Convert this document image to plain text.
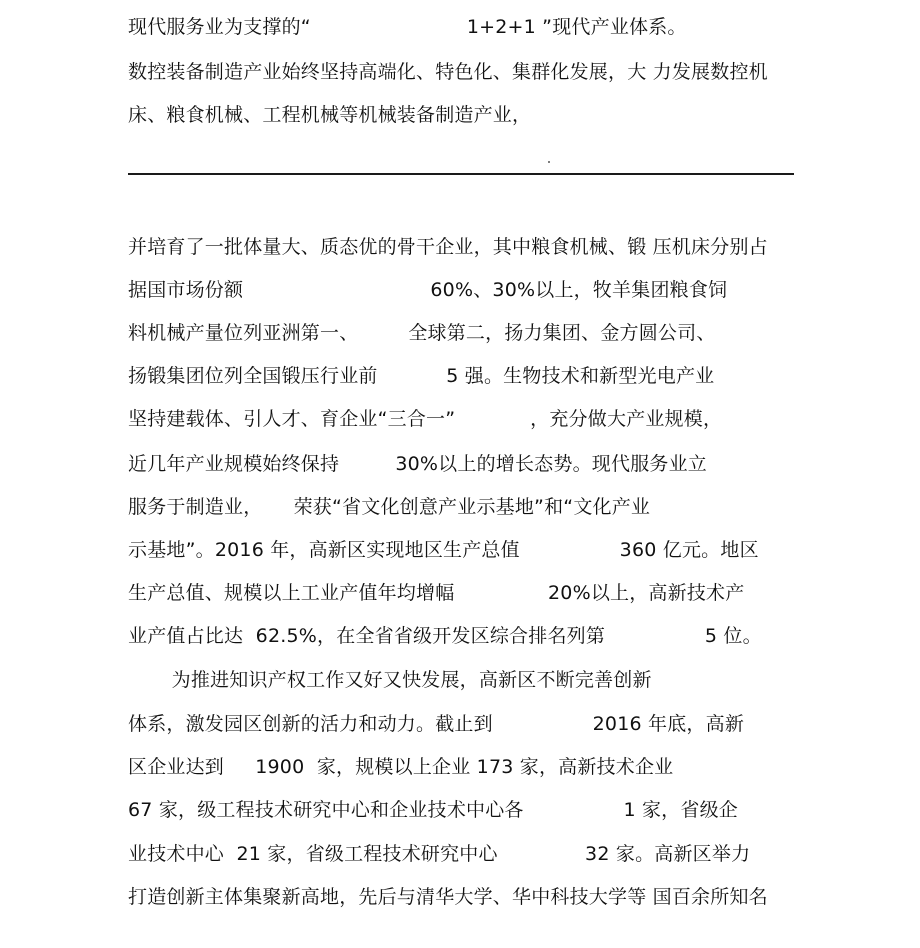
现代服务业为支撑的“                         1+2+1 ”现代产业体系。
数控装备制造产业始终坚持高端化、特色化、集群化发展，大 力发展数控机
床、粮食机械、工程机械等机械装备制造产业，
并培育了一批体量大、质态优的骨干企业，其中粮食机械、锻 压机床分别占
据国市场份额                              60%、30%以上，牧羊集团粮食饲
料机械产量位列亚洲第一、        全球第二，扬力集团、金方圆公司、
扬锻集团位列全国锻压行业前           5 强。生物技术和新型光电产业
坚持建载体、引人才、育企业“三合一”            ，充分做大产业规模，
近几年产业规模始终保持         30%以上的增长态势。现代服务业立
服务于制造业，     荣获“省文化创意产业示基地”和“文化产业
示基地”。2016 年，高新区实现地区生产总值                360 亿元。地区
生产总值、规模以上工业产值年均增幅               20%以上，高新技术产
业产值占比达  62.5%，在全省省级开发区综合排名列第                5 位。
为推进知识产权工作又好又快发展，高新区不断完善创新
体系，激发园区创新的活力和动力。截止到                2016 年底，高新
区企业达到     1900  家，规模以上企业 173 家，高新技术企业
67 家，级工程技术研究中心和企业技术中心各                1 家，省级企
业技术中心  21 家，省级工程技术研究中心              32 家。高新区举力
打造创新主体集聚新高地，先后与清华大学、华中科技大学等 国百余所知名
